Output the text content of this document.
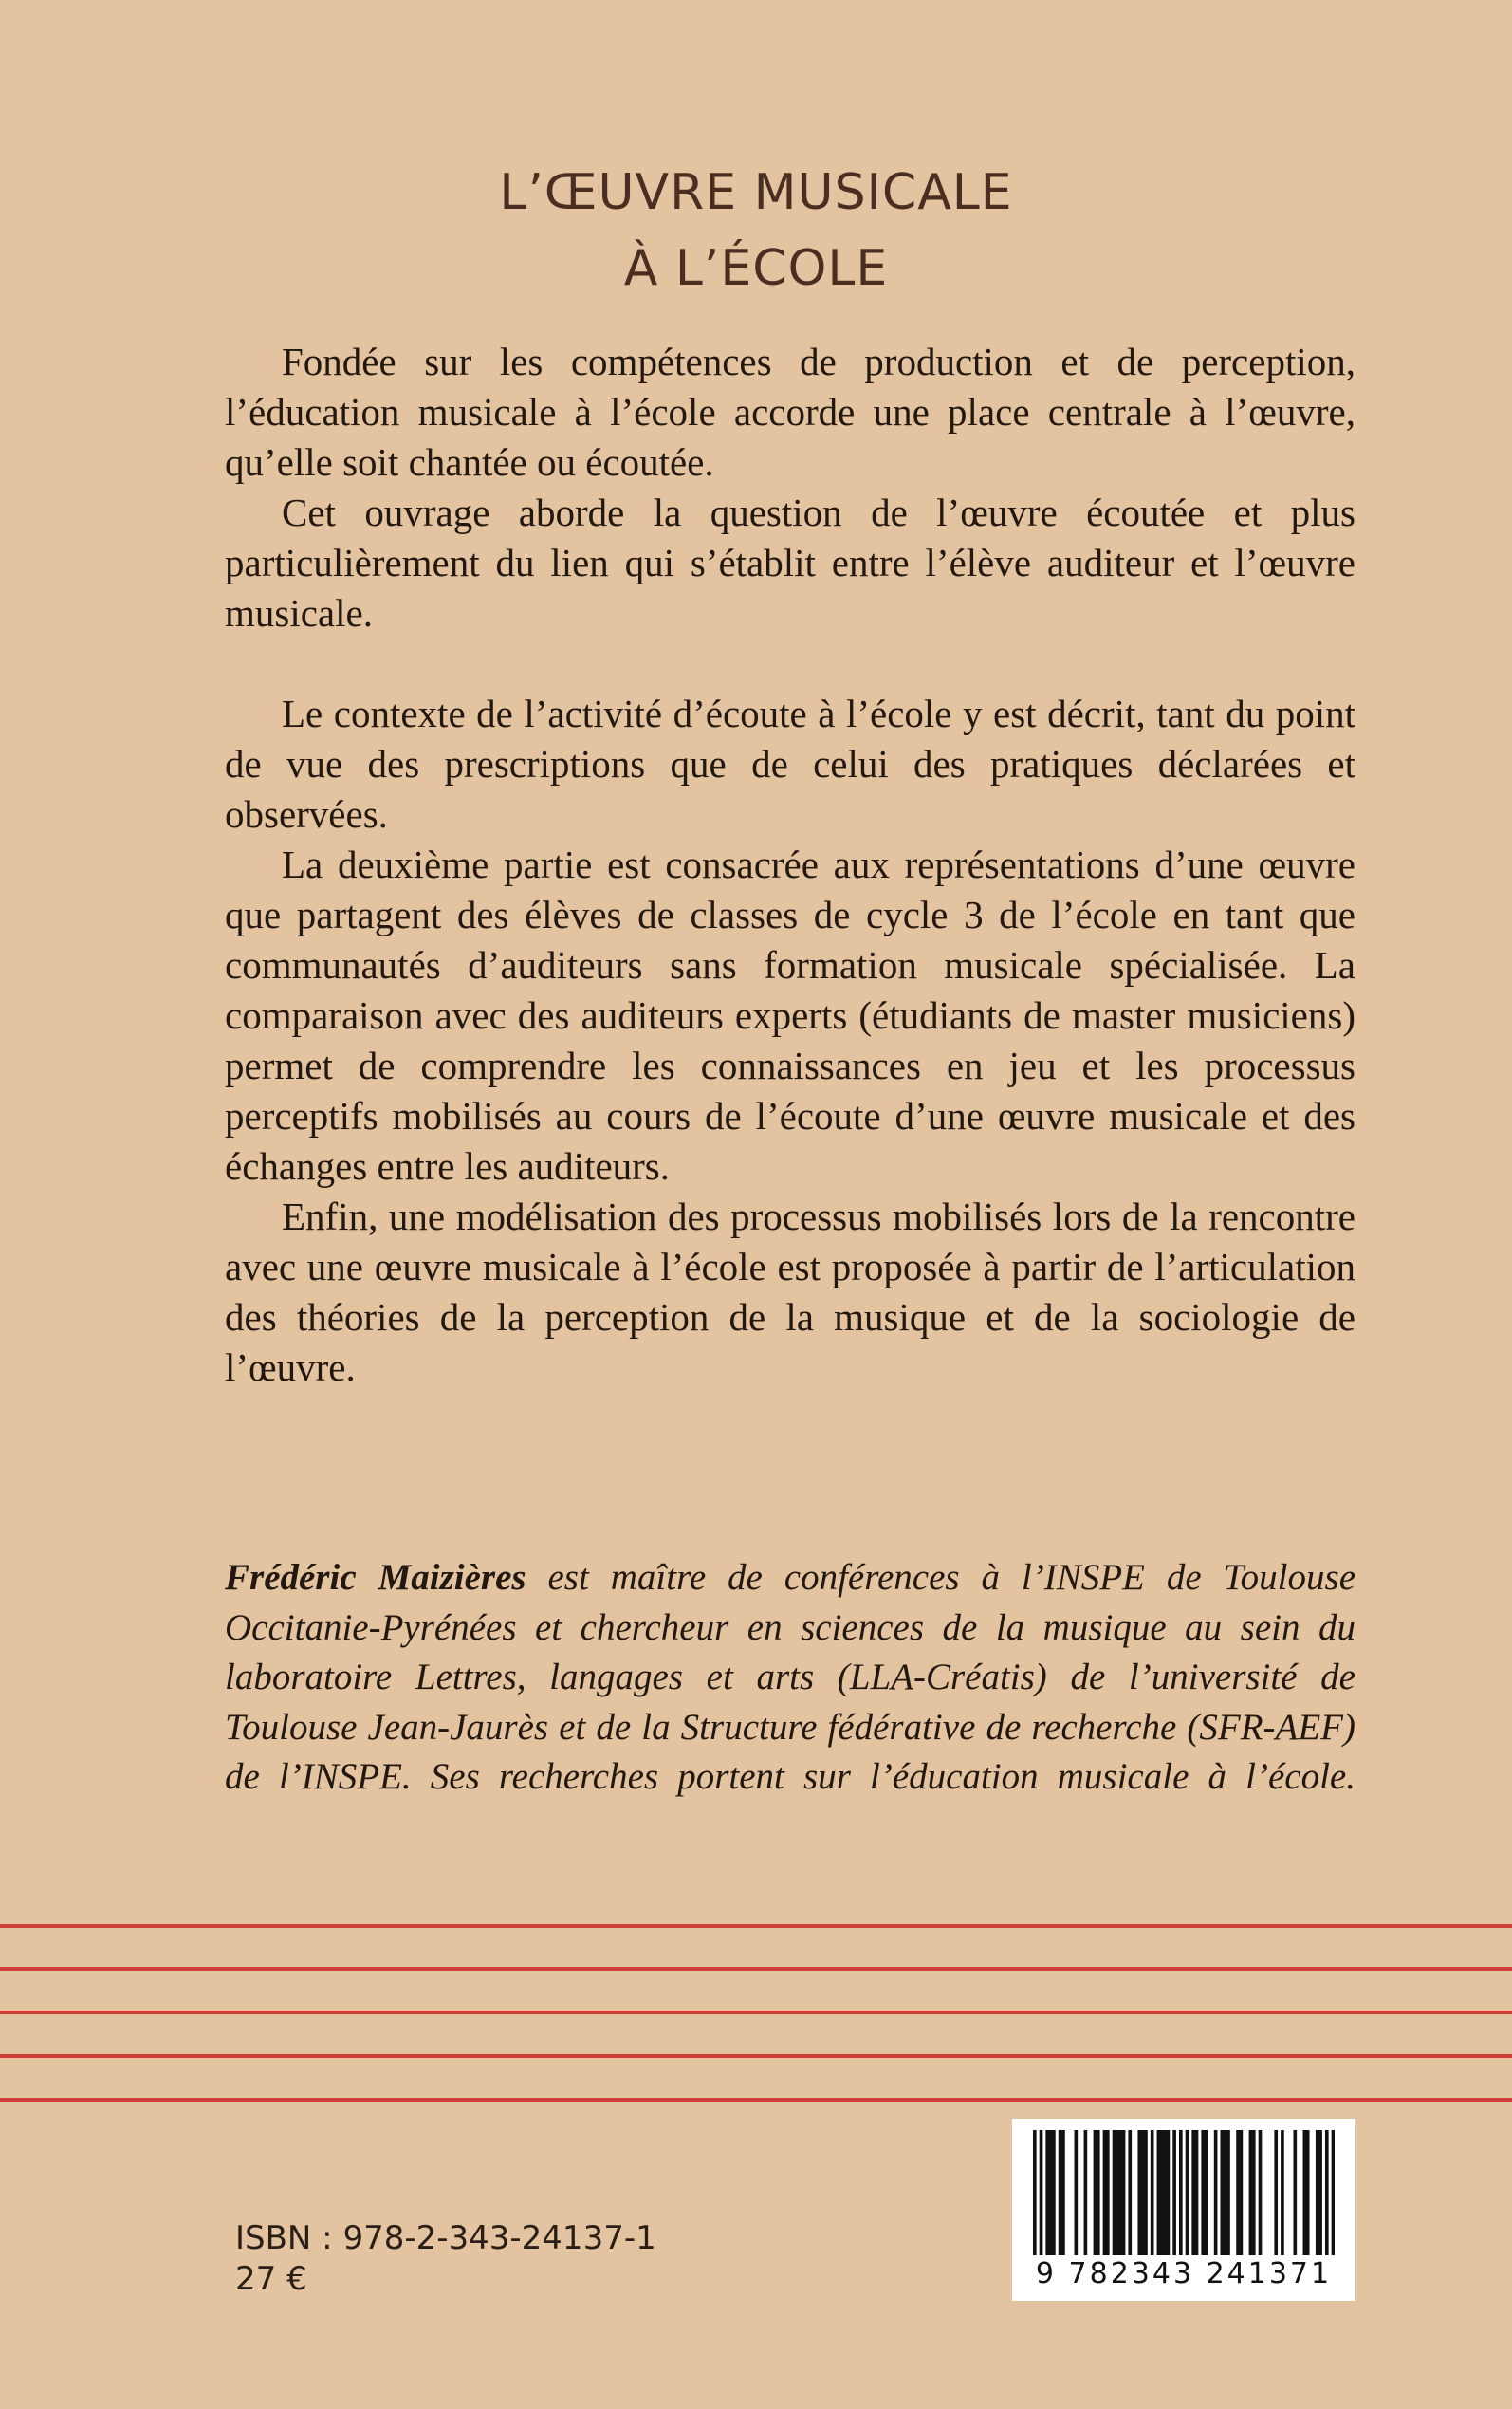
L’ŒUVRE MUSICALE
À L’ÉCOLE

Fondée sur les compétences de production et de perception, l’éducation musicale à l’école accorde une place centrale à l’œuvre, qu’elle soit chantée ou écoutée.

Cet ouvrage aborde la question de l’œuvre écoutée et plus particulièrement du lien qui s’établit entre l’élève auditeur et l’œuvre musicale.

Le contexte de l’activité d’écoute à l’école y est décrit, tant du point de vue des prescriptions que de celui des pratiques déclarées et observées.

La deuxième partie est consacrée aux représentations d’une œuvre que partagent des élèves de classes de cycle 3 de l’école en tant que communautés d’auditeurs sans formation musicale spécialisée. La comparaison avec des auditeurs experts (étudiants de master musiciens) permet de comprendre les connaissances en jeu et les processus perceptifs mobilisés au cours de l’écoute d’une œuvre musicale et des échanges entre les auditeurs.

Enfin, une modélisation des processus mobilisés lors de la rencontre avec une œuvre musicale à l’école est proposée à partir de l’articulation des théories de la perception de la musique et de la sociologie de l’œuvre.

Frédéric Maizières est maître de conférences à l’INSPE de Toulouse Occitanie-Pyrénées et chercheur en sciences de la musique au sein du laboratoire Lettres, langages et arts (LLA-Créatis) de l’université de Toulouse Jean-Jaurès et de la Structure fédérative de recherche (SFR-AEF) de l’INSPE. Ses recherches portent sur l’éducation musicale à l’école.
ISBN : 978-2-343-24137-1
27 €	9 782343 241371
